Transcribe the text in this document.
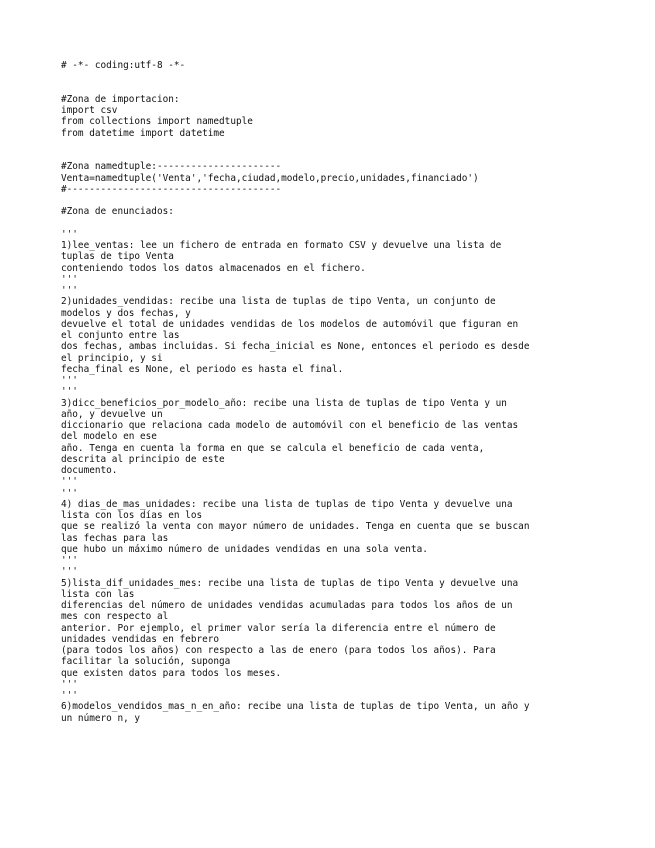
# -*- coding:utf-8 -*-
#Zona de importacion:
import csv
from collections import namedtuple
from datetime import datetime
#Zona namedtuple:----------------------
Venta=namedtuple('Venta','fecha,ciudad,modelo,precio,unidades,financiado')
#--------------------------------------
#Zona de enunciados:
'''
1)lee_ventas: lee un fichero de entrada en formato CSV y devuelve una lista de
tuplas de tipo Venta
conteniendo todos los datos almacenados en el fichero.
'''
'''
2)unidades_vendidas: recibe una lista de tuplas de tipo Venta, un conjunto de
modelos y dos fechas, y
devuelve el total de unidades vendidas de los modelos de automóvil que figuran en
el conjunto entre las
dos fechas, ambas incluidas. Si fecha_inicial es None, entonces el periodo es desde
el principio, y si
fecha_final es None, el periodo es hasta el final.
'''
'''
3)dicc_beneficios_por_modelo_año: recibe una lista de tuplas de tipo Venta y un
año, y devuelve un
diccionario que relaciona cada modelo de automóvil con el beneficio de las ventas
del modelo en ese
año. Tenga en cuenta la forma en que se calcula el beneficio de cada venta,
descrita al principio de este
documento.
'''
'''
4) dias_de_mas_unidades: recibe una lista de tuplas de tipo Venta y devuelve una
lista con los días en los
que se realizó la venta con mayor número de unidades. Tenga en cuenta que se buscan
las fechas para las
que hubo un máximo número de unidades vendidas en una sola venta.
'''
'''
5)lista_dif_unidades_mes: recibe una lista de tuplas de tipo Venta y devuelve una
lista con las
diferencias del número de unidades vendidas acumuladas para todos los años de un
mes con respecto al
anterior. Por ejemplo, el primer valor sería la diferencia entre el número de
unidades vendidas en febrero
(para todos los años) con respecto a las de enero (para todos los años). Para
facilitar la solución, suponga
que existen datos para todos los meses.
'''
'''
6)modelos_vendidos_mas_n_en_año: recibe una lista de tuplas de tipo Venta, un año y
un número n, y
